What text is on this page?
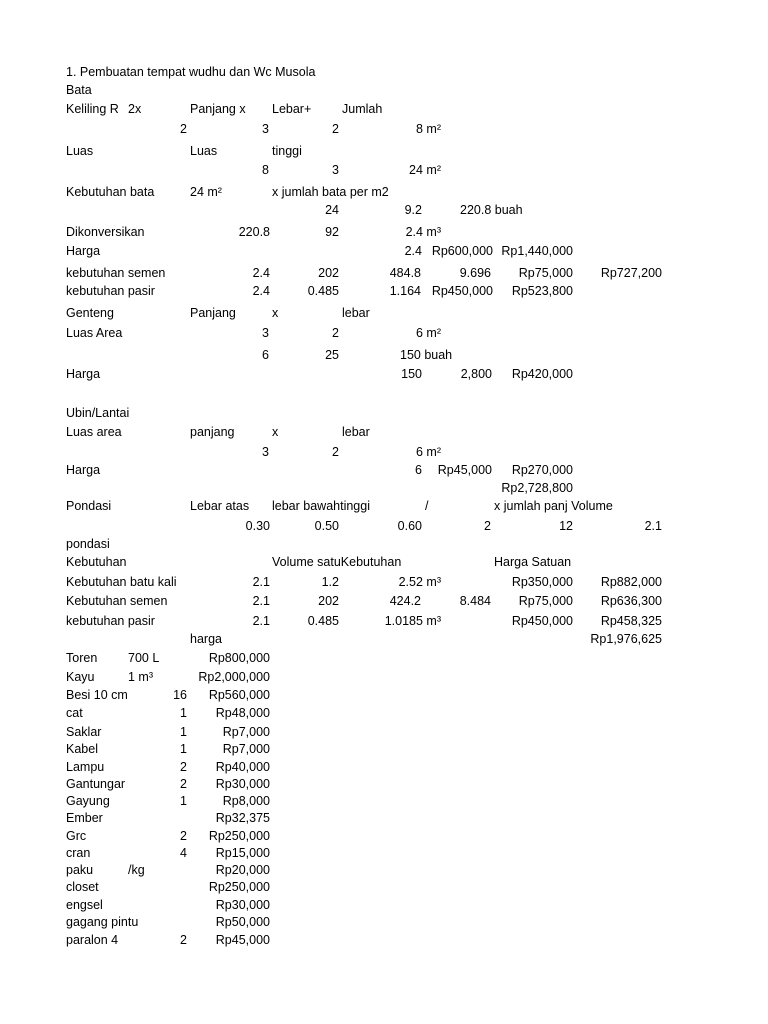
1. Pembuatan tempat wudhu dan Wc Musola
Bata
Keliling R 2x	Panjang x Lebar+ Jumlah
2	3	2	8 m²
Luas	Luas	tinggi
8	3	24 m²
Kebutuhan bata	24 m²	x jumlah bata per m2
24	9.2	220.8 buah
Dikonversikan	220.8	92	2.4 m³
Harga	2.4 Rp600,000 Rp1,440,000
kebutuhan semen	2.4	202	484.8	9.696 Rp75,000 Rp727,200
kebutuhan pasir	2.4	0.485	1.164 Rp450,000 Rp523,800
Genteng	Panjang	x	lebar
Luas Area	3	2	6 m²
6	25	150 buah
Harga	150	2,800 Rp420,000
Ubin/Lantai
Luas area	panjang	x	lebar
3	2	6 m²
Harga	6 Rp45,000 Rp270,000
Rp2,728,800
Pondasi	Lebar atas lebar bawahtinggi	/	x jumlah panj Volume
0.30	0.50	0.60	2	12	2.1
pondasi
Kebutuhan	Volume satuKebutuhan	Harga Satuan
Kebutuhan batu kali	2.1	1.2	2.52 m³	Rp350,000 Rp882,000
Kebutuhan semen	2.1	202	424.2	8.484 Rp75,000 Rp636,300
kebutuhan pasir	2.1	0.485	1.0185 m³	Rp450,000 Rp458,325
harga	Rp1,976,625
Toren 700 L	Rp800,000
Kayu	1 m³	Rp2,000,000
Besi 10 cm	16 Rp560,000
cat	1 Rp48,000
Saklar	1	Rp7,000
Kabel	1	Rp7,000
Lampu	2 Rp40,000
Gantungar	2 Rp30,000
Gayung	1	Rp8,000
Ember	Rp32,375
Grc	2 Rp250,000
cran	4 Rp15,000
paku	/kg	Rp20,000
closet	Rp250,000
engsel	Rp30,000
gagang pintu	Rp50,000
paralon 4	2 Rp45,000
